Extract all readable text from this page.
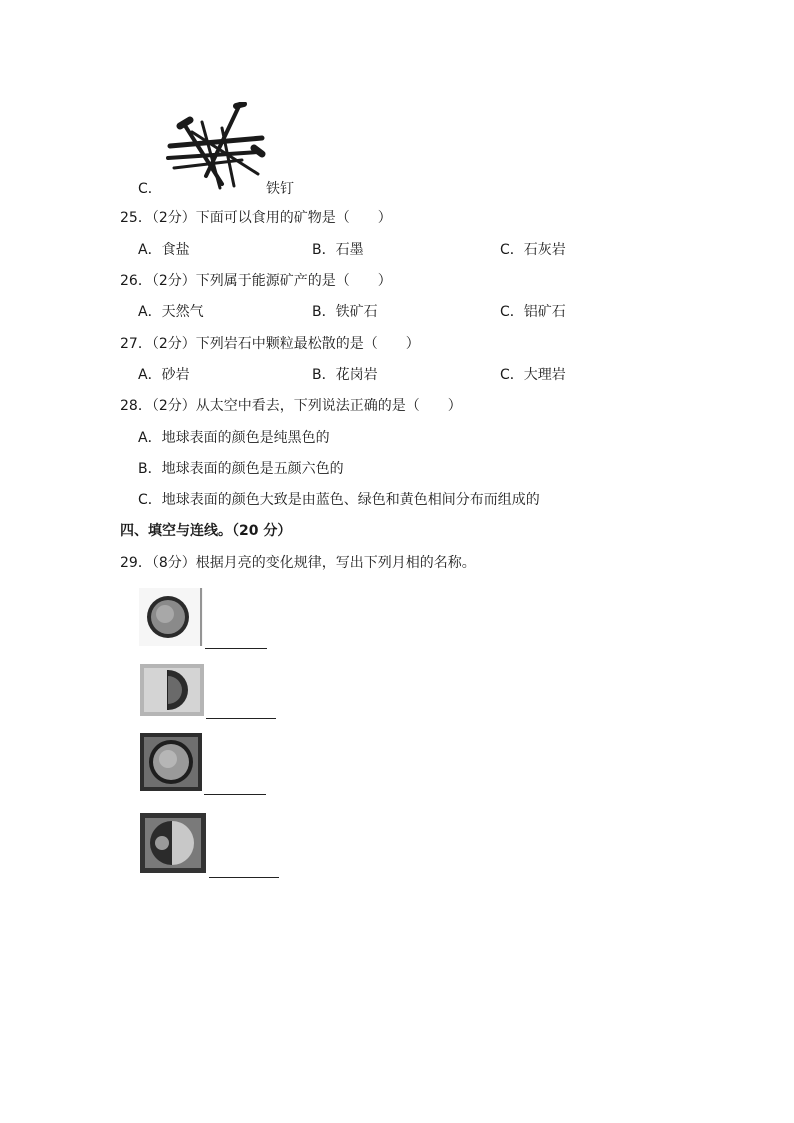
C．	铁钉
25．（2分）下面可以食用的矿物是（　　）
A．食盐	B．石墨	C．石灰岩
26．（2分）下列属于能源矿产的是（　　）
A．天然气	B．铁矿石	C．铝矿石
27．（2分）下列岩石中颗粒最松散的是（　　）
A．砂岩	B．花岗岩	C．大理岩
28．（2分）从太空中看去，下列说法正确的是（　　）
A．地球表面的颜色是纯黑色的
B．地球表面的颜色是五颜六色的
C．地球表面的颜色大致是由蓝色、绿色和黄色相间分布而组成的
四、填空与连线。（20 分）
29．（8分）根据月亮的变化规律，写出下列月相的名称。
